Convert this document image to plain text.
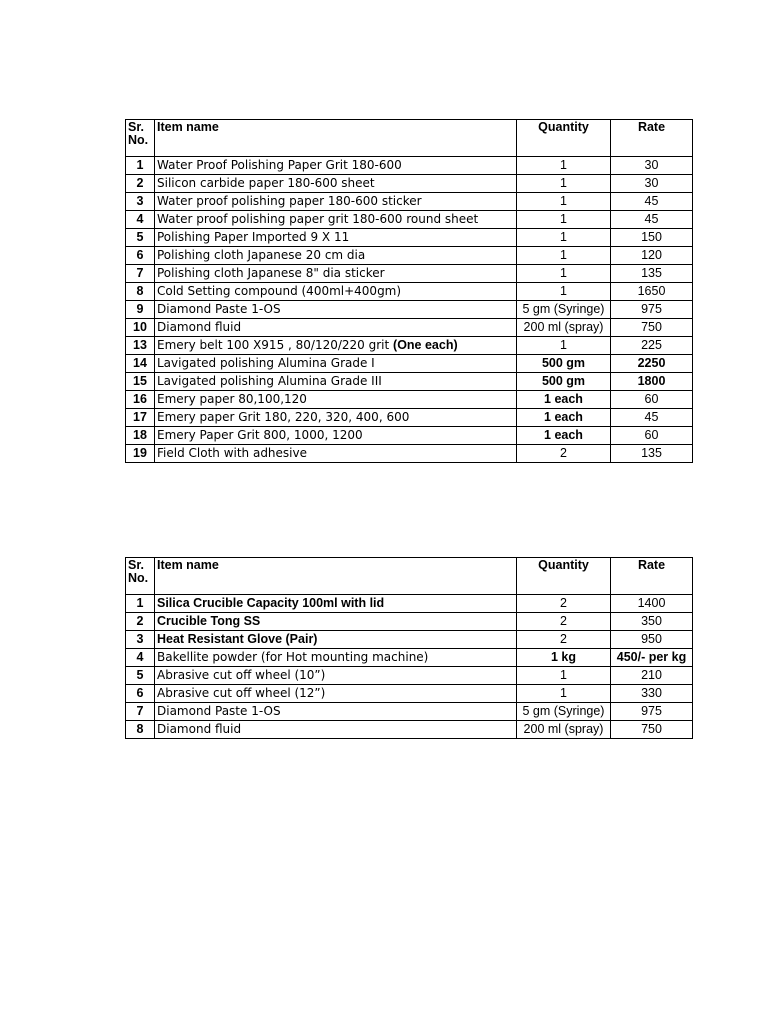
Sr. No.	Item name	Quantity	Rate
1	Water Proof Polishing Paper Grit 180-600	1	30
2	Silicon carbide paper 180-600 sheet	1	30
3	Water proof polishing paper 180-600 sticker	1	45
4	Water proof polishing paper grit 180-600 round sheet	1	45
5	Polishing Paper Imported 9 X 11	1	150
6	Polishing cloth Japanese 20 cm dia	1	120
7	Polishing cloth Japanese 8" dia sticker	1	135
8	Cold Setting compound (400ml+400gm)	1	1650
9	Diamond Paste 1-OS	5 gm (Syringe)	975
10	Diamond fluid	200 ml (spray)	750
13	Emery belt 100 X915 , 80/120/220 grit (One each)	1	225
14	Lavigated polishing Alumina Grade I	500 gm	2250
15	Lavigated polishing Alumina Grade III	500 gm	1800
16	Emery paper 80,100,120	1 each	60
17	Emery paper Grit 180, 220, 320, 400, 600	1 each	45
18	Emery Paper Grit 800, 1000, 1200	1 each	60
19	Field Cloth with adhesive	2	135
Sr. No.	Item name	Quantity	Rate
1	Silica Crucible Capacity 100ml with lid	2	1400
2	Crucible Tong SS	2	350
3	Heat Resistant Glove (Pair)	2	950
4	Bakellite powder (for Hot mounting machine)	1 kg	450/- per kg
5	Abrasive cut off wheel (10”)	1	210
6	Abrasive cut off wheel (12”)	1	330
7	Diamond Paste 1-OS	5 gm (Syringe)	975
8	Diamond fluid	200 ml (spray)	750
